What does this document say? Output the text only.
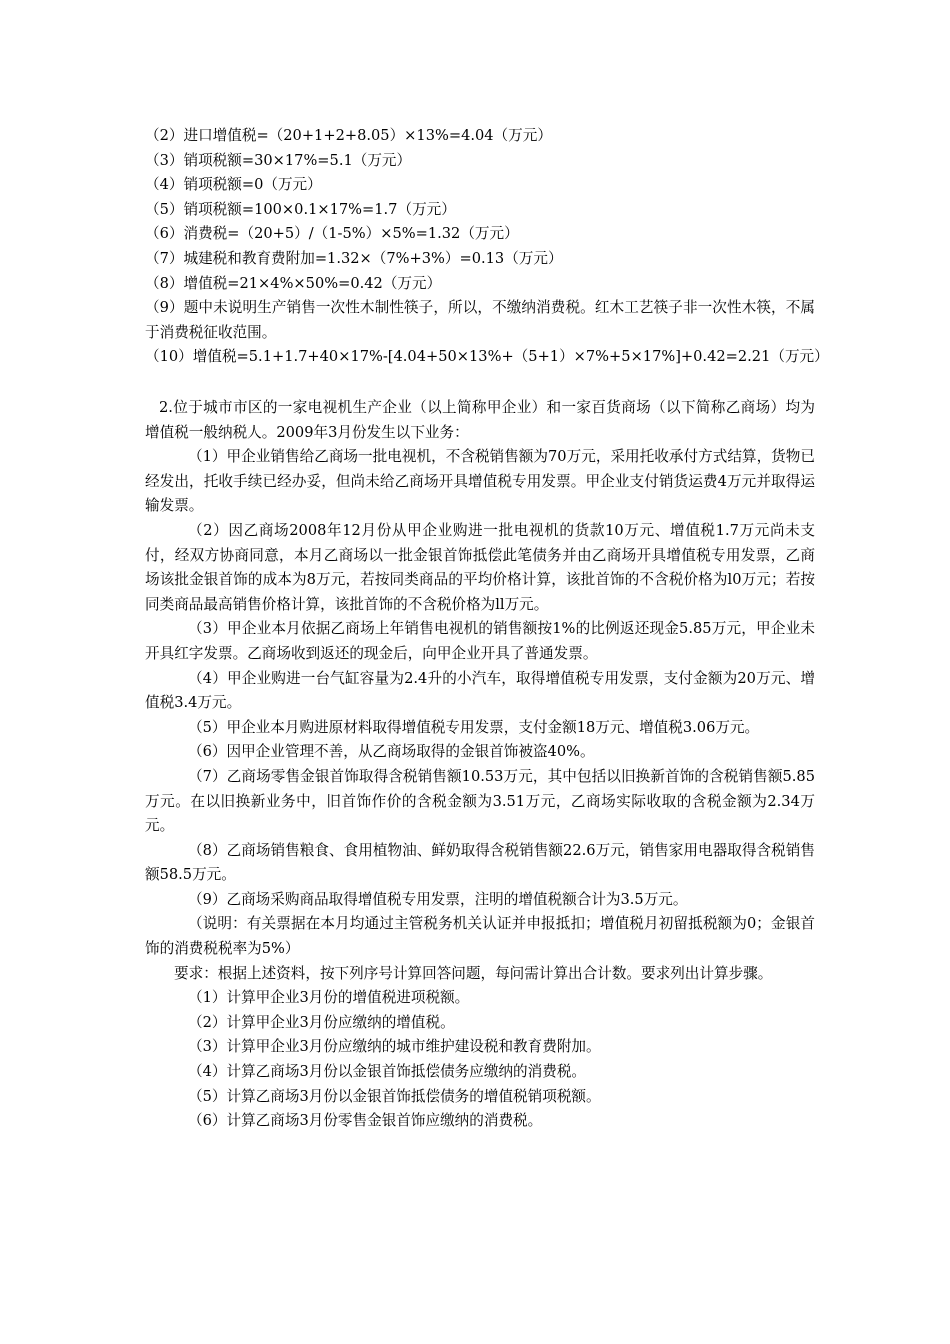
（2）进口增值税=（20+1+2+8.05）×13%=4.04（万元）
（3）销项税额=30×17%=5.1（万元）
（4）销项税额=0（万元）
（5）销项税额=100×0.1×17%=1.7（万元）
（6）消费税=（20+5）/（1-5%）×5%=1.32（万元）
（7）城建税和教育费附加=1.32×（7%+3%）=0.13（万元）
（8）增值税=21×4%×50%=0.42（万元）
（9）题中未说明生产销售一次性木制性筷子，所以，不缴纳消费税。红木工艺筷子非一次性木筷，不属于消费税征收范围。
（10）增值税=5.1+1.7+40×17%-[4.04+50×13%+（5+1）×7%+5×17%]+0.42=2.21（万元）
2.位于城市市区的一家电视机生产企业（以上简称甲企业）和一家百货商场（以下简称乙商场）均为增值税一般纳税人。2009年3月份发生以下业务：
（1）甲企业销售给乙商场一批电视机，不含税销售额为70万元，采用托收承付方式结算，货物已经发出，托收手续已经办妥，但尚未给乙商场开具增值税专用发票。甲企业支付销货运费4万元并取得运输发票。
（2）因乙商场2008年12月份从甲企业购进一批电视机的货款10万元、增值税1.7万元尚未支付，经双方协商同意，本月乙商场以一批金银首饰抵偿此笔债务并由乙商场开具增值税专用发票，乙商场该批金银首饰的成本为8万元，若按同类商品的平均价格计算，该批首饰的不含税价格为l0万元；若按同类商品最高销售价格计算，该批首饰的不含税价格为ll万元。
（3）甲企业本月依据乙商场上年销售电视机的销售额按1%的比例返还现金5.85万元，甲企业未开具红字发票。乙商场收到返还的现金后，向甲企业开具了普通发票。
（4）甲企业购进一台气缸容量为2.4升的小汽车，取得增值税专用发票，支付金额为20万元、增值税3.4万元。
（5）甲企业本月购进原材料取得增值税专用发票，支付金额18万元、增值税3.06万元。
（6）因甲企业管理不善，从乙商场取得的金银首饰被盗40%。
（7）乙商场零售金银首饰取得含税销售额10.53万元，其中包括以旧换新首饰的含税销售额5.85万元。在以旧换新业务中，旧首饰作价的含税金额为3.51万元，乙商场实际收取的含税金额为2.34万元。
（8）乙商场销售粮食、食用植物油、鲜奶取得含税销售额22.6万元，销售家用电器取得含税销售额58.5万元。
（9）乙商场采购商品取得增值税专用发票，注明的增值税额合计为3.5万元。
（说明：有关票据在本月均通过主管税务机关认证并申报抵扣；增值税月初留抵税额为0；金银首饰的消费税税率为5%）
要求：根据上述资料，按下列序号计算回答问题，每问需计算出合计数。要求列出计算步骤。
（1）计算甲企业3月份的增值税进项税额。
（2）计算甲企业3月份应缴纳的增值税。
（3）计算甲企业3月份应缴纳的城市维护建设税和教育费附加。
（4）计算乙商场3月份以金银首饰抵偿债务应缴纳的消费税。
（5）计算乙商场3月份以金银首饰抵偿债务的增值税销项税额。
（6）计算乙商场3月份零售金银首饰应缴纳的消费税。
